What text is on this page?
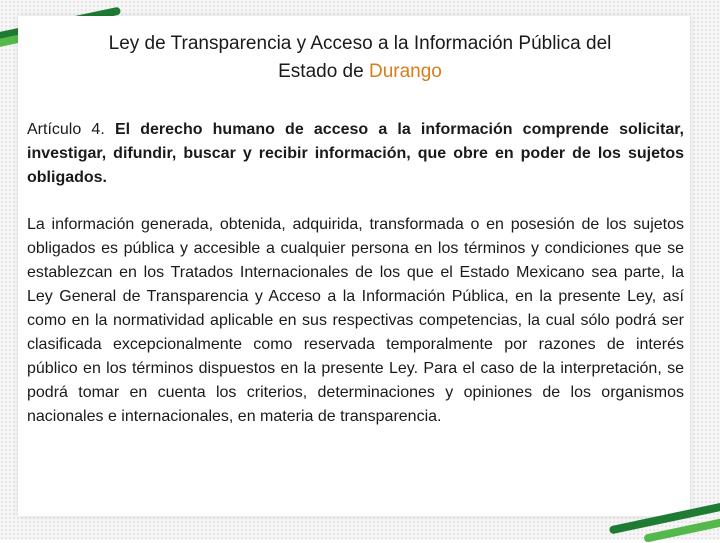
Ley de Transparencia y Acceso a la Información Pública del
Estado de Durango

Artículo 4. El derecho humano de acceso a la información comprende solicitar, investigar, difundir, buscar y recibir información, que obre en poder de los sujetos obligados.

La información generada, obtenida, adquirida, transformada o en posesión de los sujetos obligados es pública y accesible a cualquier persona en los términos y condiciones que se establezcan en los Tratados Internacionales de los que el Estado Mexicano sea parte, la Ley General de Transparencia y Acceso a la Información Pública, en la presente Ley, así como en la normatividad aplicable en sus respectivas competencias, la cual sólo podrá ser clasificada excepcionalmente como reservada temporalmente por razones de interés público en los términos dispuestos en la presente Ley. Para el caso de la interpretación, se podrá tomar en cuenta los criterios, determinaciones y opiniones de los organismos nacionales e internacionales, en materia de transparencia.
